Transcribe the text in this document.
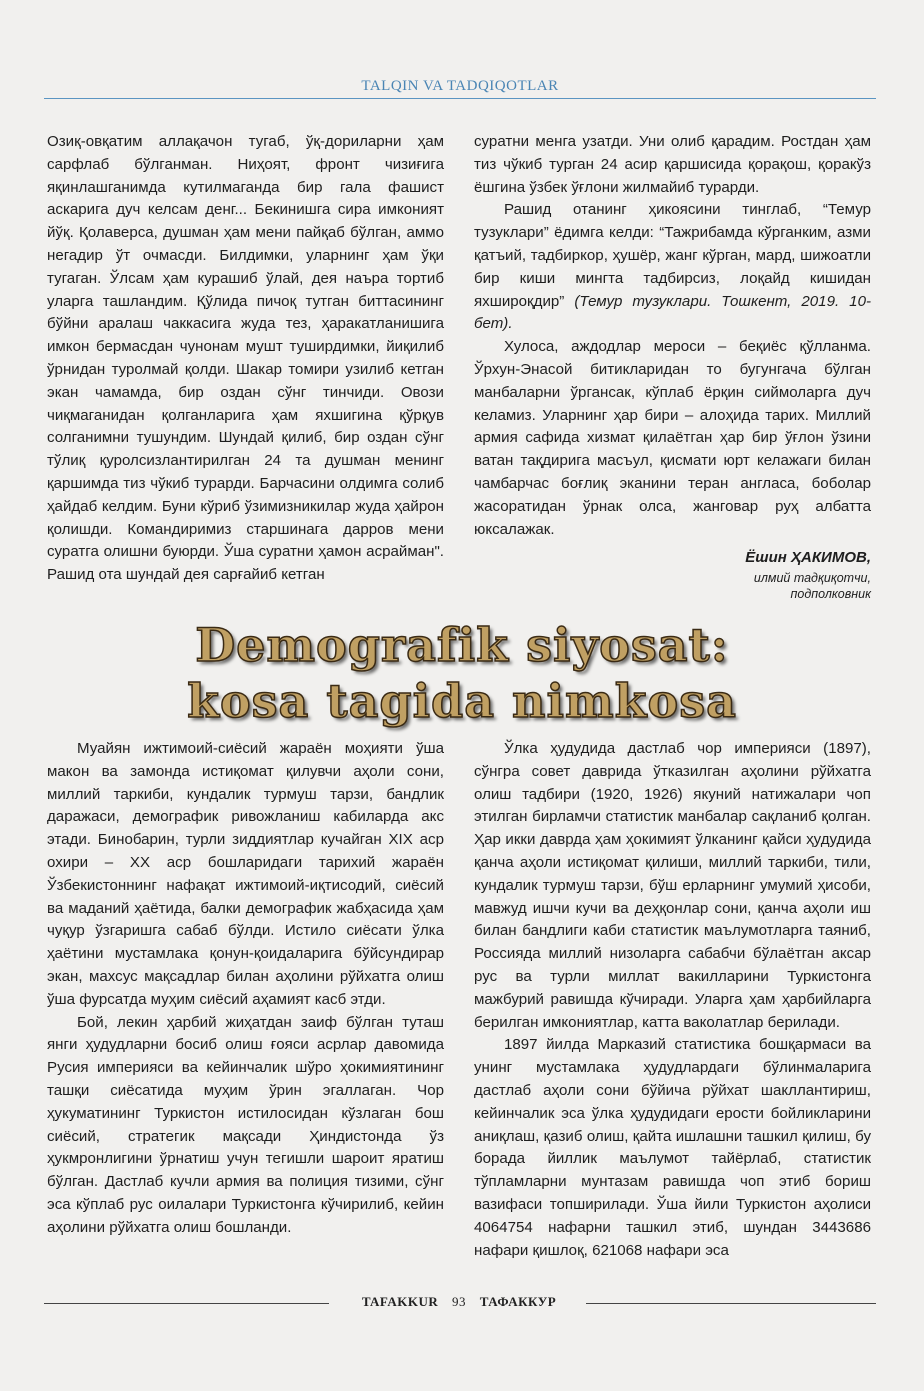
TALQIN VA TADQIQOTLAR

Озиқ-овқатим аллақачон тугаб, ўқ-дориларни ҳам сарфлаб бўлганман. Ниҳоят, фронт чизиғига яқинлашганимда кутилмаганда бир гала фашист аскарига дуч келсам денг... Бекинишга сира имконият йўқ. Қолаверса, душман ҳам мени пайқаб бўлган, аммо негадир ўт очмасди. Билдимки, уларнинг ҳам ўқи тугаган. Ўлсам ҳам курашиб ўлай, дея наъра тортиб уларга ташландим. Қўлида пичоқ тутган биттасининг бўйни аралаш чаккасига жуда тез, ҳаракатланишига имкон бермасдан чунонам мушт туширдимки, йиқилиб ўрнидан туролмай қолди. Шакар томири узилиб кетган экан чамамда, бир оздан сўнг тинчиди. Овози чиқмаганидан қолганларига ҳам яхшигина қўрқув солганимни тушундим. Шундай қилиб, бир оздан сўнг тўлиқ қуролсизлантирилган 24 та душман менинг қаршимда тиз чўкиб турарди. Барчасини олдимга солиб ҳайдаб келдим. Буни кўриб ўзимизникилар жуда ҳайрон қолишди. Командиримиз старшинага дарров мени суратга олишни буюрди. Ўша суратни ҳамон асрайман". Рашид ота шундай дея сарғайиб кетган

суратни менга узатди. Уни олиб қарадим. Ростдан ҳам тиз чўкиб турган 24 асир қаршисида қорақош, қоракўз ёшгина ўзбек ўғлони жилмайиб турарди.

Рашид отанинг ҳикоясини тинглаб, “Темур тузуклари” ёдимга келди: “Тажрибамда кўрганким, азми қатъий, тадбиркор, ҳушёр, жанг кўрган, мард, шижоатли бир киши мингта тадбирсиз, лоқайд кишидан яхшироқдир” (Темур тузуклари. Тошкент, 2019. 10-бет).

Хулоса, аждодлар мероси – беқиёс қўлланма. Ўрхун-Энасой битикларидан то бугунгача бўлган манбаларни ўргансак, кўплаб ёрқин сиймоларга дуч келамиз. Уларнинг ҳар бири – алоҳида тарих. Миллий армия сафида хизмат қилаётган ҳар бир ўғлон ўзини ватан тақдирига масъул, қисмати юрт келажаги билан чамбарчас боғлиқ эканини теран англаса, боболар жасоратидан ўрнак олса, жанговар руҳ албатта юксалажак.

Ёшин ҲАКИМОВ,
илмий тадқиқотчи,
подполковник
Demografik siyosat:
kosa tagida nimkosa

Муайян ижтимоий-сиёсий жараён моҳияти ўша макон ва замонда истиқомат қилувчи аҳоли сони, миллий таркиби, кундалик турмуш тарзи, бандлик даражаси, демографик ривожланиш кабиларда акс этади. Бинобарин, турли зиддиятлар кучайган XIX аср охири – XX аср бошларидаги тарихий жараён Ўзбекистоннинг нафақат ижтимоий-иқтисодий, сиёсий ва маданий ҳаётида, балки демографик жабҳасида ҳам чуқур ўзгаришга сабаб бўлди. Истило сиёсати ўлка ҳаётини мустамлака қонун-қоидаларига бўйсундирар экан, махсус мақсадлар билан аҳолини рўйхатга олиш ўша фурсатда муҳим сиёсий аҳамият касб этди.

Бой, лекин ҳарбий жиҳатдан заиф бўлган туташ янги ҳудудларни босиб олиш ғояси асрлар давомида Русия империяси ва кейинчалик шўро ҳокимиятининг ташқи сиёсатида муҳим ўрин эгаллаган. Чор ҳукуматининг Туркистон истилосидан кўзлаган бош сиёсий, стратегик мақсади Ҳиндистонда ўз ҳукмронлигини ўрнатиш учун тегишли шароит яратиш бўлган. Дастлаб кучли армия ва полиция тизими, сўнг эса кўплаб рус оилалари Туркистонга кўчирилиб, кейин аҳолини рўйхатга олиш бошланди.

Ўлка ҳудудида дастлаб чор империяси (1897), сўнгра совет даврида ўтказилган аҳолини рўйхатга олиш тадбири (1920, 1926) якуний натижалари чоп этилган бирламчи статистик манбалар сақланиб қолган. Ҳар икки даврда ҳам ҳокимият ўлканинг қайси ҳудудида қанча аҳоли истиқомат қилиши, миллий таркиби, тили, кундалик турмуш тарзи, бўш ерларнинг умумий ҳисоби, мавжуд ишчи кучи ва деҳқонлар сони, қанча аҳоли иш билан бандлиги каби статистик маълумотларга таяниб, Россияда миллий низоларга сабабчи бўлаётган аксар рус ва турли миллат вакилларини Туркистонга мажбурий равишда кўчиради. Уларга ҳам ҳарбийларга берилган имкониятлар, катта ваколатлар берилади.

1897 йилда Марказий статистика бошқармаси ва унинг мустамлака ҳудудлардаги бўлинмаларига дастлаб аҳоли сони бўйича рўйхат шакллантириш, кейинчалик эса ўлка ҳудудидаги ерости бойликларини аниқлаш, қазиб олиш, қайта ишлашни ташкил қилиш, бу борада йиллик маълумот тайёрлаб, статистик тўпламларни мунтазам равишда чоп этиб бориш вазифаси топширилади. Ўша йили Туркистон аҳолиси 4064754 нафарни ташкил этиб, шундан 3443686 нафари қишлоқ, 621068 нафари эса

TAFAKKUR 93 ТАФАККУР
